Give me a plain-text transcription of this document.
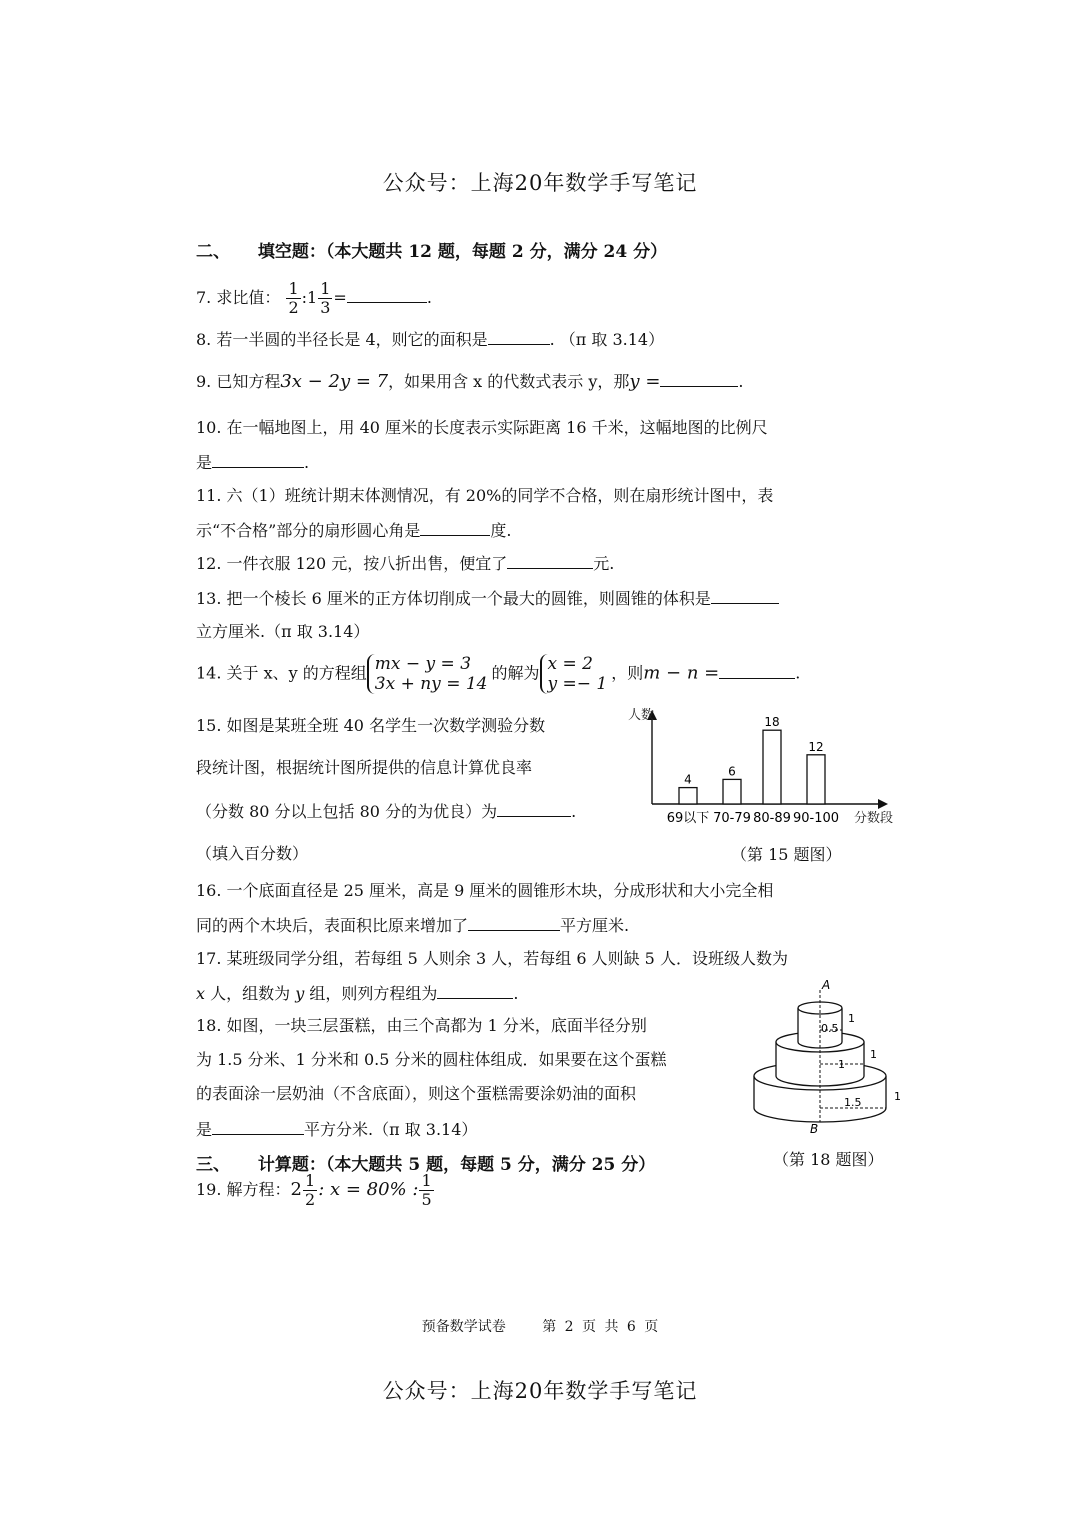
公众号：上海20年数学手写笔记
二、 填空题：（本大题共 12 题，每题 2 分，满分 24 分）
7. 求比值： $\frac{1}{2}$ :1 $\frac{1}{3}$ =	.
8. 若一半圆的半径长是 4，则它的面积是	. （π 取 3.14）
9. 已知方程3x − 2y = 7，如果用含 x 的代数式表示 y，那y =	.
10. 在一幅地图上，用 40 厘米的长度表示实际距离 16 千米，这幅地图的比例尺
是	.
11. 六（1）班统计期末体测情况，有 20%的同学不合格，则在扇形统计图中，表
示“不合格”部分的扇形圆心角是	度.
12. 一件衣服 120 元，按八折出售，便宜了	元.
13. 把一个棱长 6 厘米的正方体切削成一个最大的圆锥，则圆锥的体积是
立方厘米.（π 取 3.14）
14. 关于 x、y 的方程组 mx − y = 3
3x + ny = 14
的解为 x = 2
y =− 1
，则m − n =	.
15. 如图是某班全班 40 名学生一次数学测验分数
段统计图，根据统计图所提供的信息计算优良率
（分数 80 分以上包括 80 分的为优良）为	.
（填入百分数）
人数
分数段
4
69以下
6
70-79
18
80-89
12
90-100
（第 15 题图）
16. 一个底面直径是 25 厘米，高是 9 厘米的圆锥形木块，分成形状和大小完全相
同的两个木块后，表面积比原来增加了	平方厘米.
17. 某班级同学分组，若每组 5 人则余 3 人，若每组 6 人则缺 5 人．设班级人数为
x 人，组数为 y 组，则列方程组为	.
18. 如图，一块三层蛋糕，由三个高都为 1 分米，底面半径分别
为 1.5 分米、1 分米和 0.5 分米的圆柱体组成．如果要在这个蛋糕
的表面涂一层奶油（不含底面），则这个蛋糕需要涂奶油的面积
是	平方分米.（π 取 3.14）
A
B
0.5
1
1.5
1
1
1
（第 18 题图）
三、 计算题：（本大题共 5 题，每题 5 分，满分 25 分）
19. 解方程：$2 \frac{1}{2}$ : x = 80% : $\frac{1}{5}$
预备数学试卷	第 2 页 共 6 页
公众号：上海20年数学手写笔记
